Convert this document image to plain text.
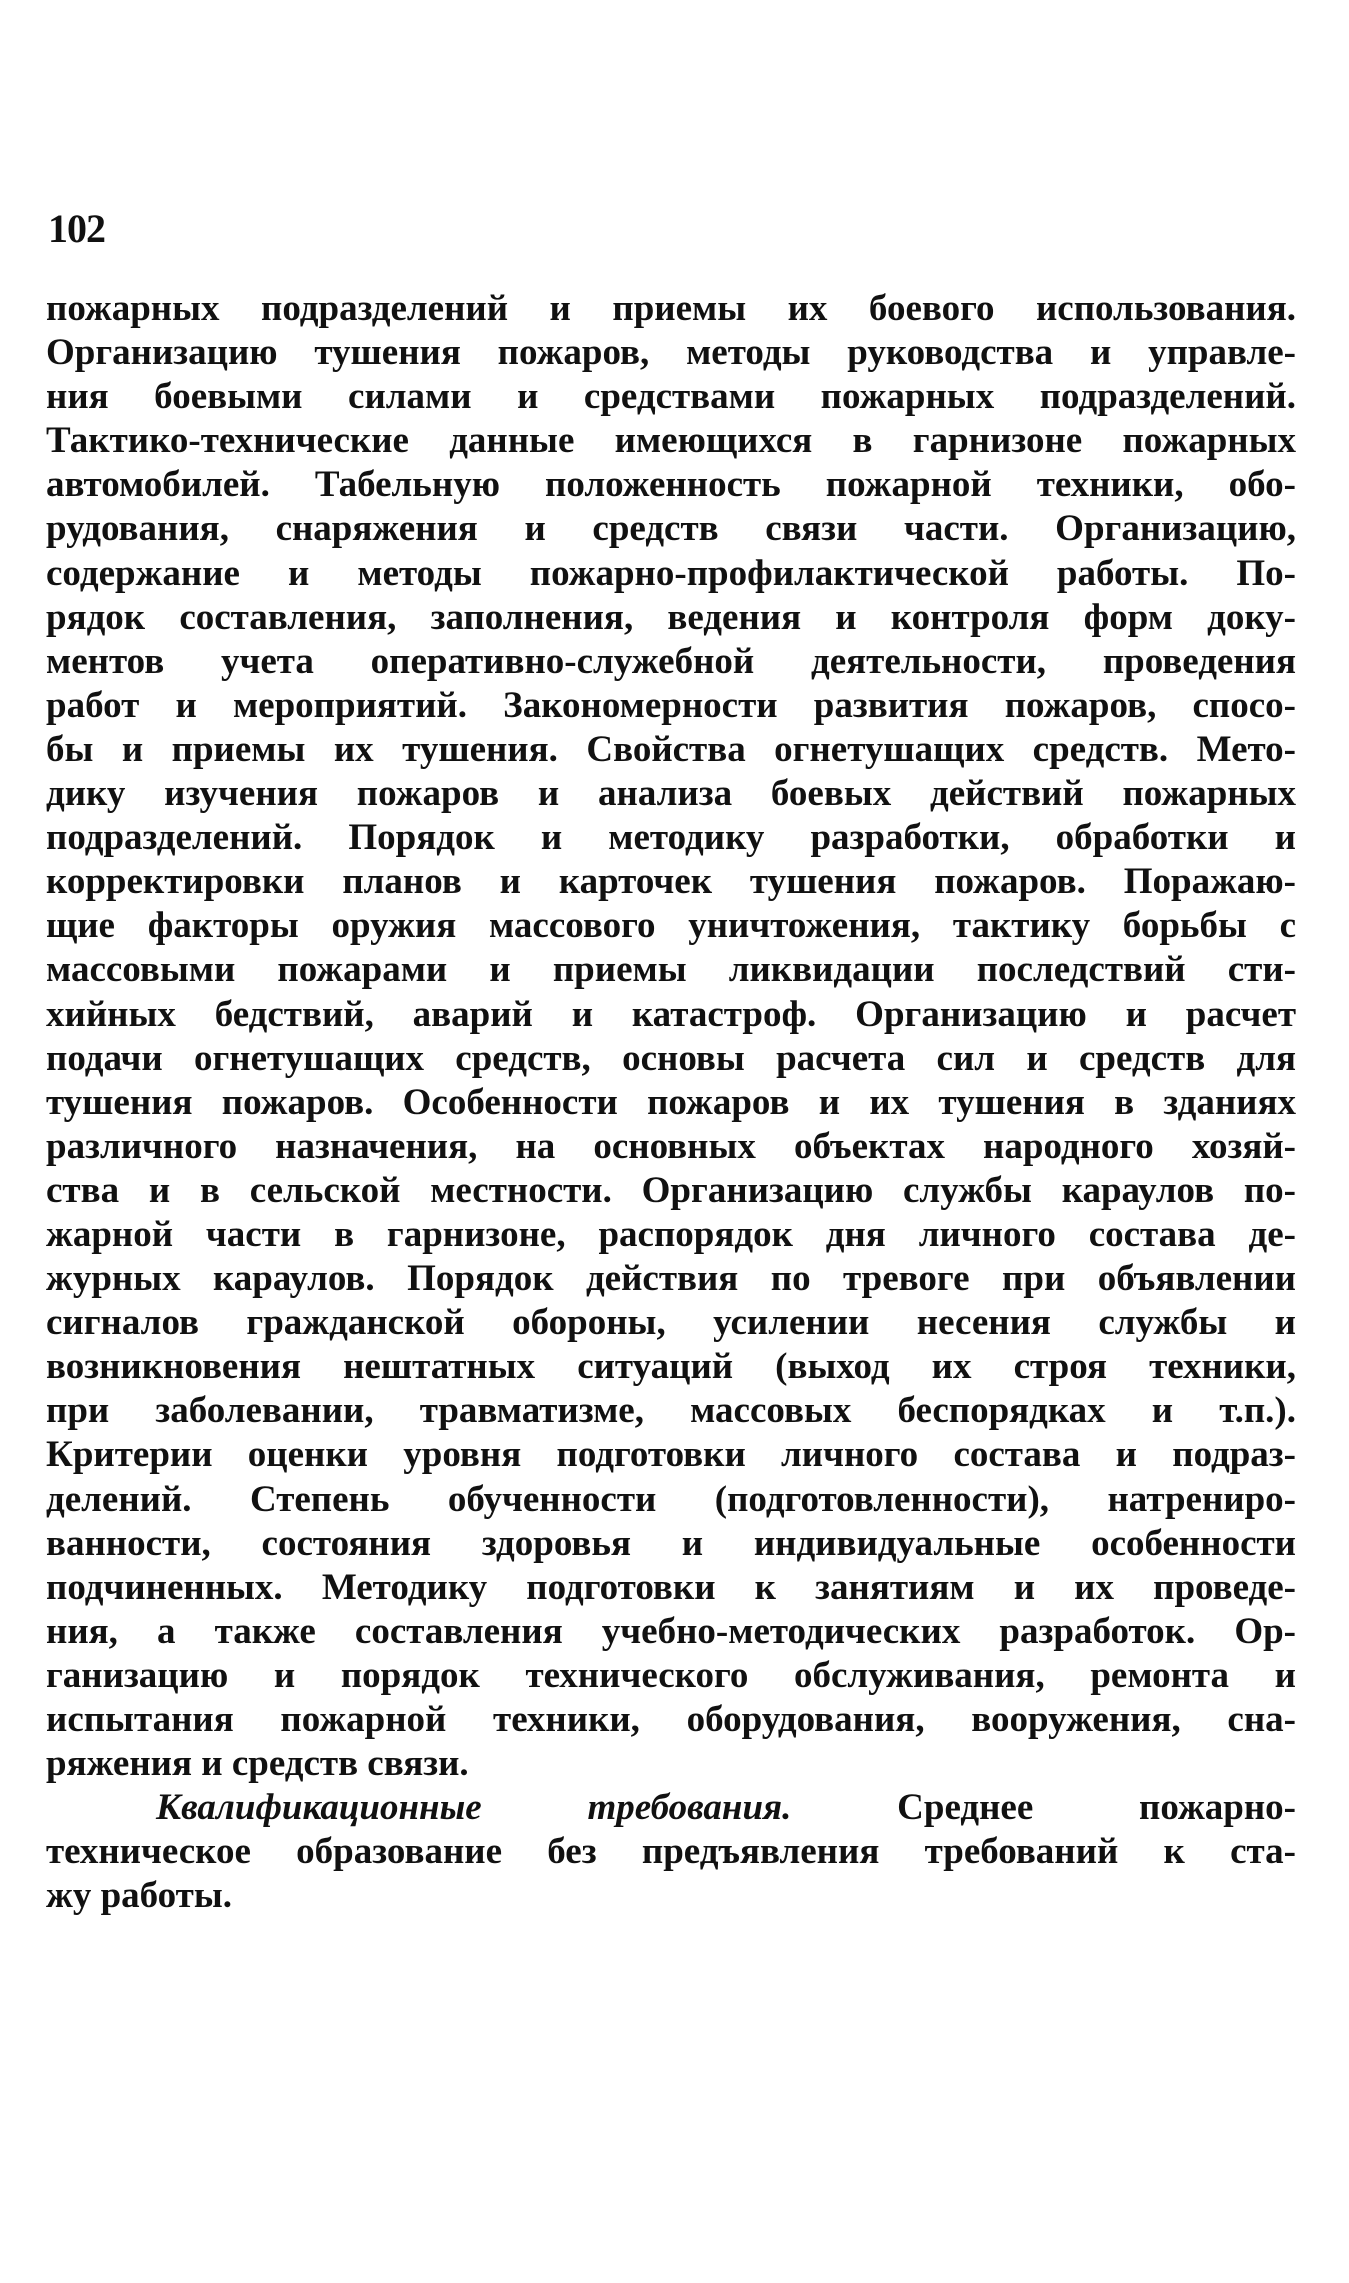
102
пожарных подразделений и приемы их боевого использования.
Организацию тушения пожаров, методы руководства и управле-
ния боевыми силами и средствами пожарных подразделений.
Тактико-технические данные имеющихся в гарнизоне пожарных
автомобилей. Табельную положенность пожарной техники, обо-
рудования, снаряжения и средств связи части. Организацию,
содержание и методы пожарно-профилактической работы. По-
рядок составления, заполнения, ведения и контроля форм доку-
ментов учета оперативно-служебной деятельности, проведения
работ и мероприятий. Закономерности развития пожаров, спосо-
бы и приемы их тушения. Свойства огнетушащих средств. Мето-
дику изучения пожаров и анализа боевых действий пожарных
подразделений. Порядок и методику разработки, обработки и
корректировки планов и карточек тушения пожаров. Поражаю-
щие факторы оружия массового уничтожения, тактику борьбы с
массовыми пожарами и приемы ликвидации последствий сти-
хийных бедствий, аварий и катастроф. Организацию и расчет
подачи огнетушащих средств, основы расчета сил и средств для
тушения пожаров. Особенности пожаров и их тушения в зданиях
различного назначения, на основных объектах народного хозяй-
ства и в сельской местности. Организацию службы караулов по-
жарной части в гарнизоне, распорядок дня личного состава де-
журных караулов. Порядок действия по тревоге при объявлении
сигналов гражданской обороны, усилении несения службы и
возникновения нештатных ситуаций (выход их строя техники,
при заболевании, травматизме, массовых беспорядках и т.п.).
Критерии оценки уровня подготовки личного состава и подраз-
делений. Степень обученности (подготовленности), натрениро-
ванности, состояния здоровья и индивидуальные особенности
подчиненных. Методику подготовки к занятиям и их проведе-
ния, а также составления учебно-методических разработок. Ор-
ганизацию и порядок технического обслуживания, ремонта и
испытания пожарной техники, оборудования, вооружения, сна-
ряжения и средств связи.
Квалификационные требования.	Среднее пожарно-
техническое образование без предъявления требований к ста-
жу работы.
